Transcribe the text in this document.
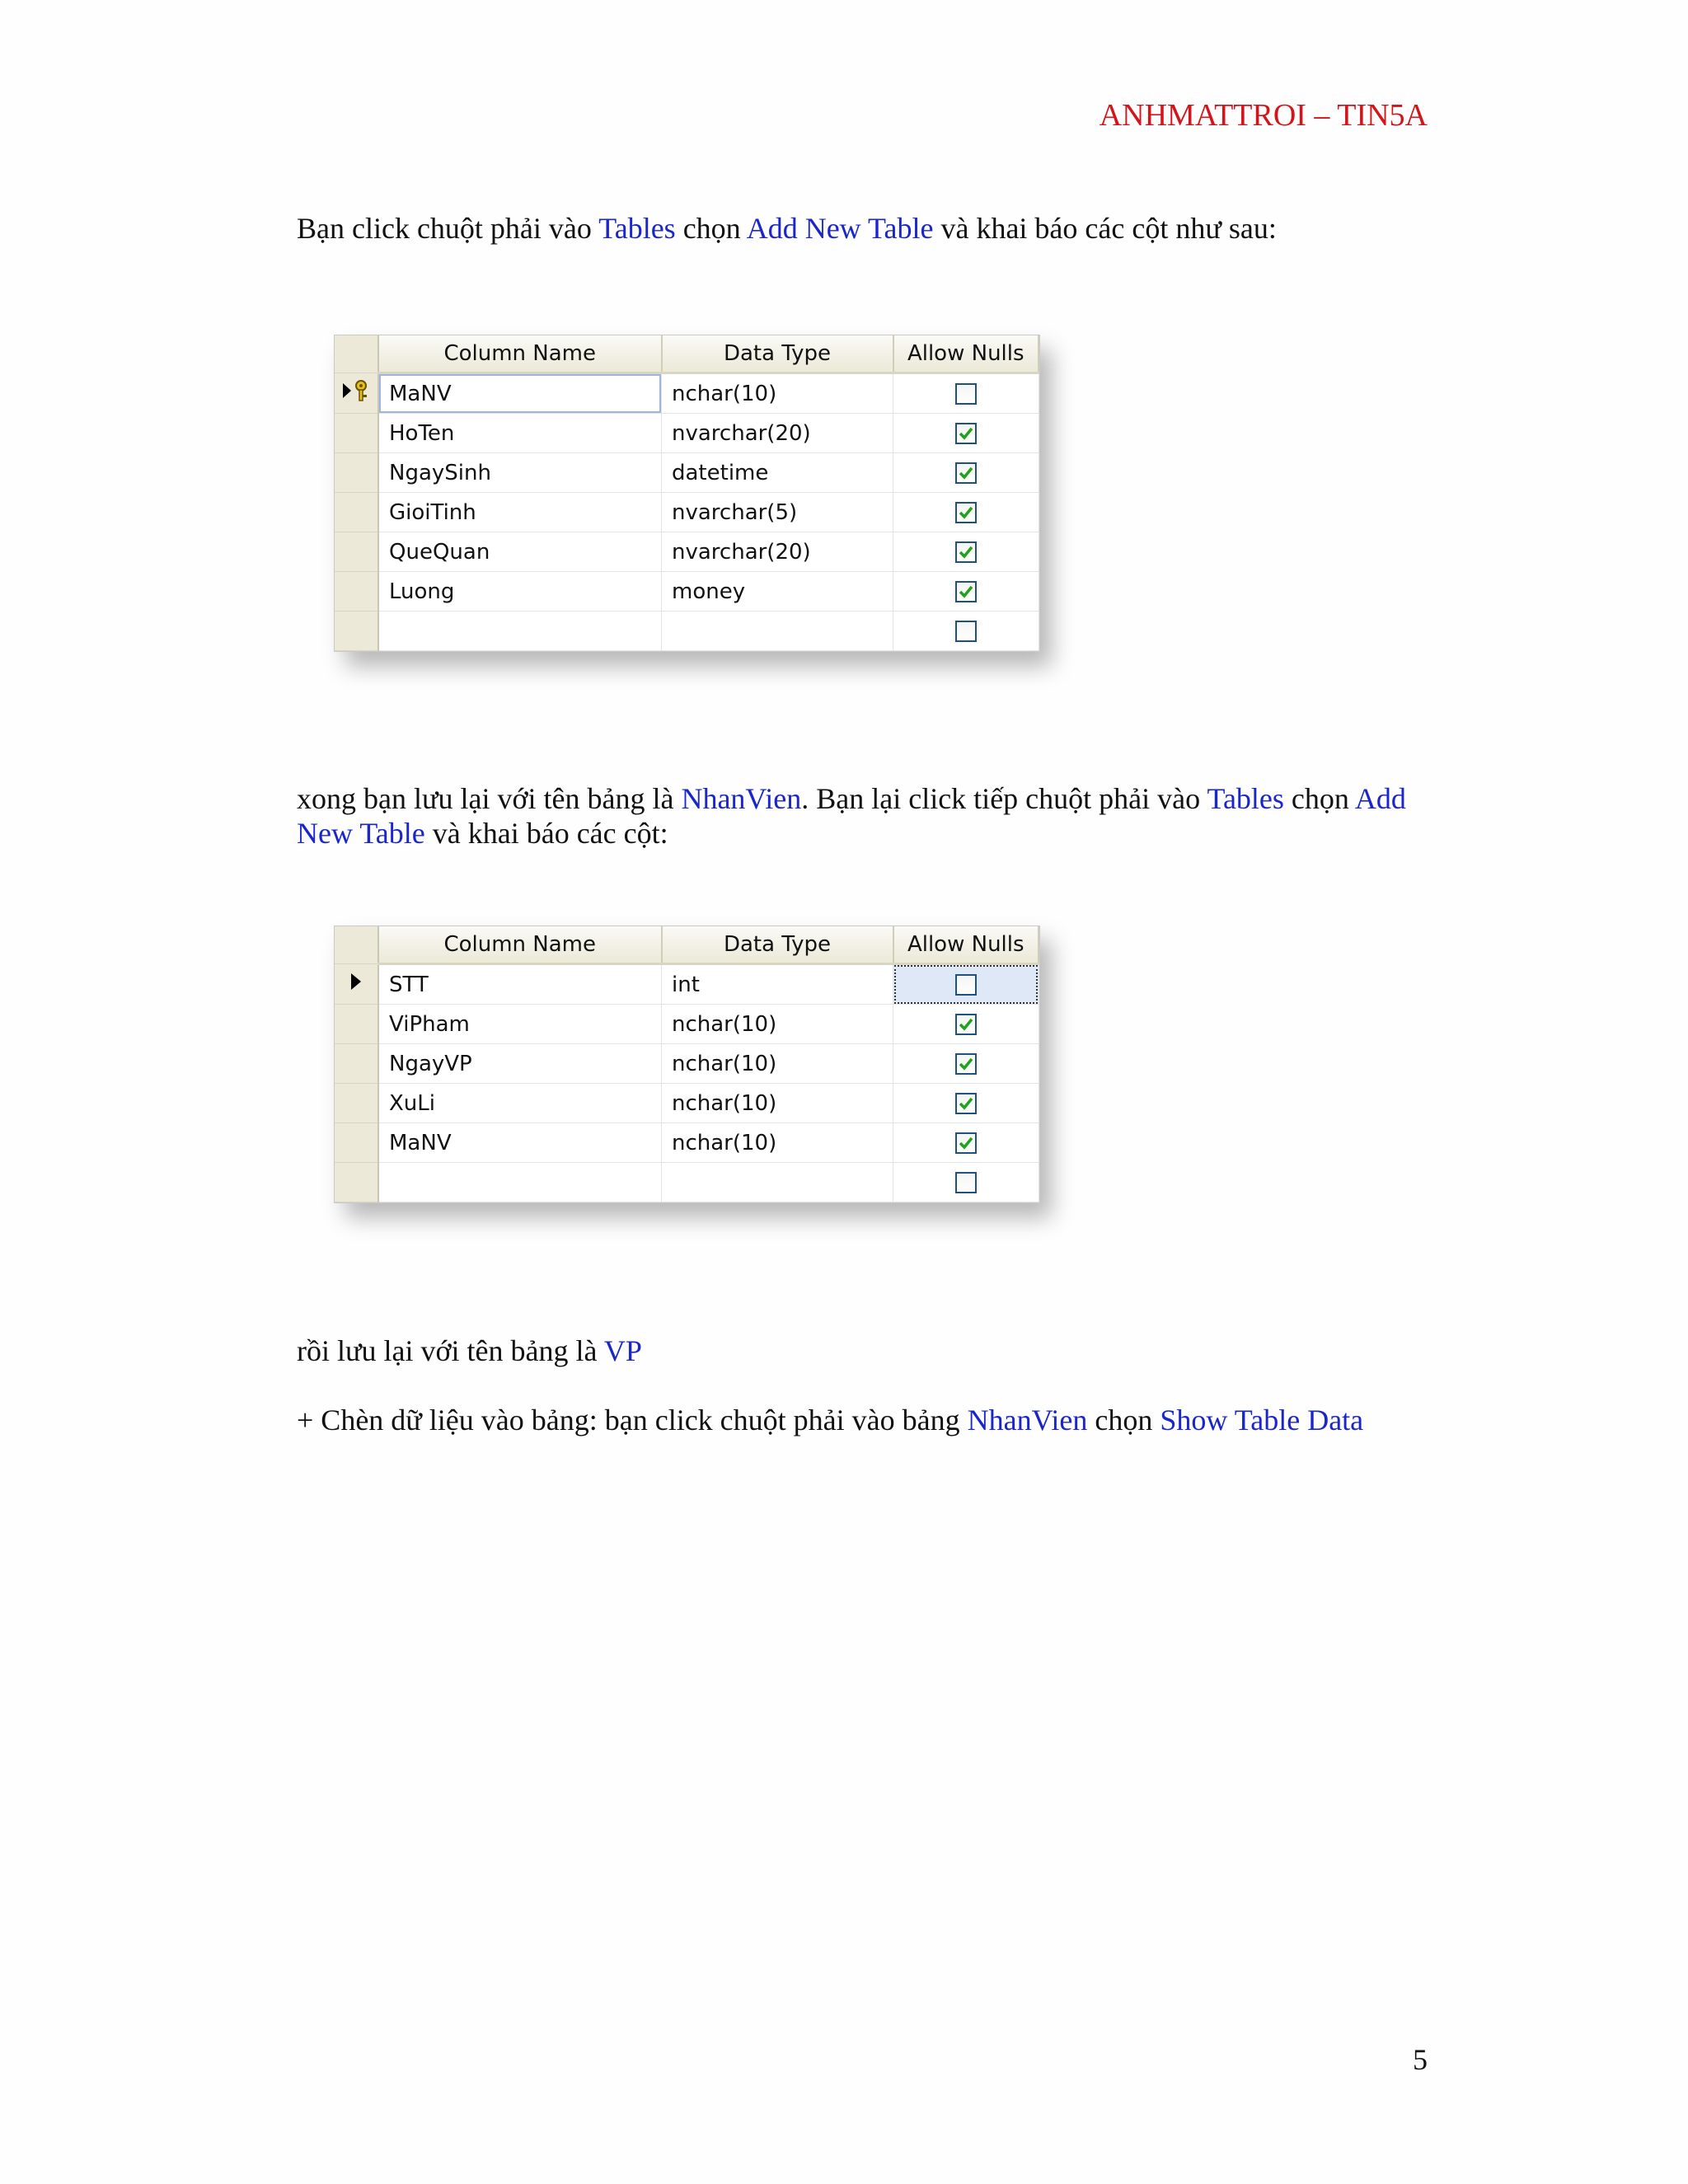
ANHMATTROI – TIN5A

Bạn click chuột phải vào Tables chọn Add New Table và khai báo các cột như sau:

	Column Name	Data Type	Allow Nulls
	MaNV	nchar(10)	
	HoTen	nvarchar(20)	

	NgaySinh	datetime	

	GioiTinh	nvarchar(5)	

	QueQuan	nvarchar(20)	

	Luong	money	

xong bạn lưu lại với tên bảng là NhanVien. Bạn lại click tiếp chuột phải vào Tables chọn Add New Table và khai báo các cột:

	Column Name	Data Type	Allow Nulls
	STT	int	
	ViPham	nchar(10)	

	NgayVP	nchar(10)	

	XuLi	nchar(10)	

	MaNV	nchar(10)	

rồi lưu lại với tên bảng là VP

+ Chèn dữ liệu vào bảng: bạn click chuột phải vào bảng NhanVien chọn Show Table Data

5
